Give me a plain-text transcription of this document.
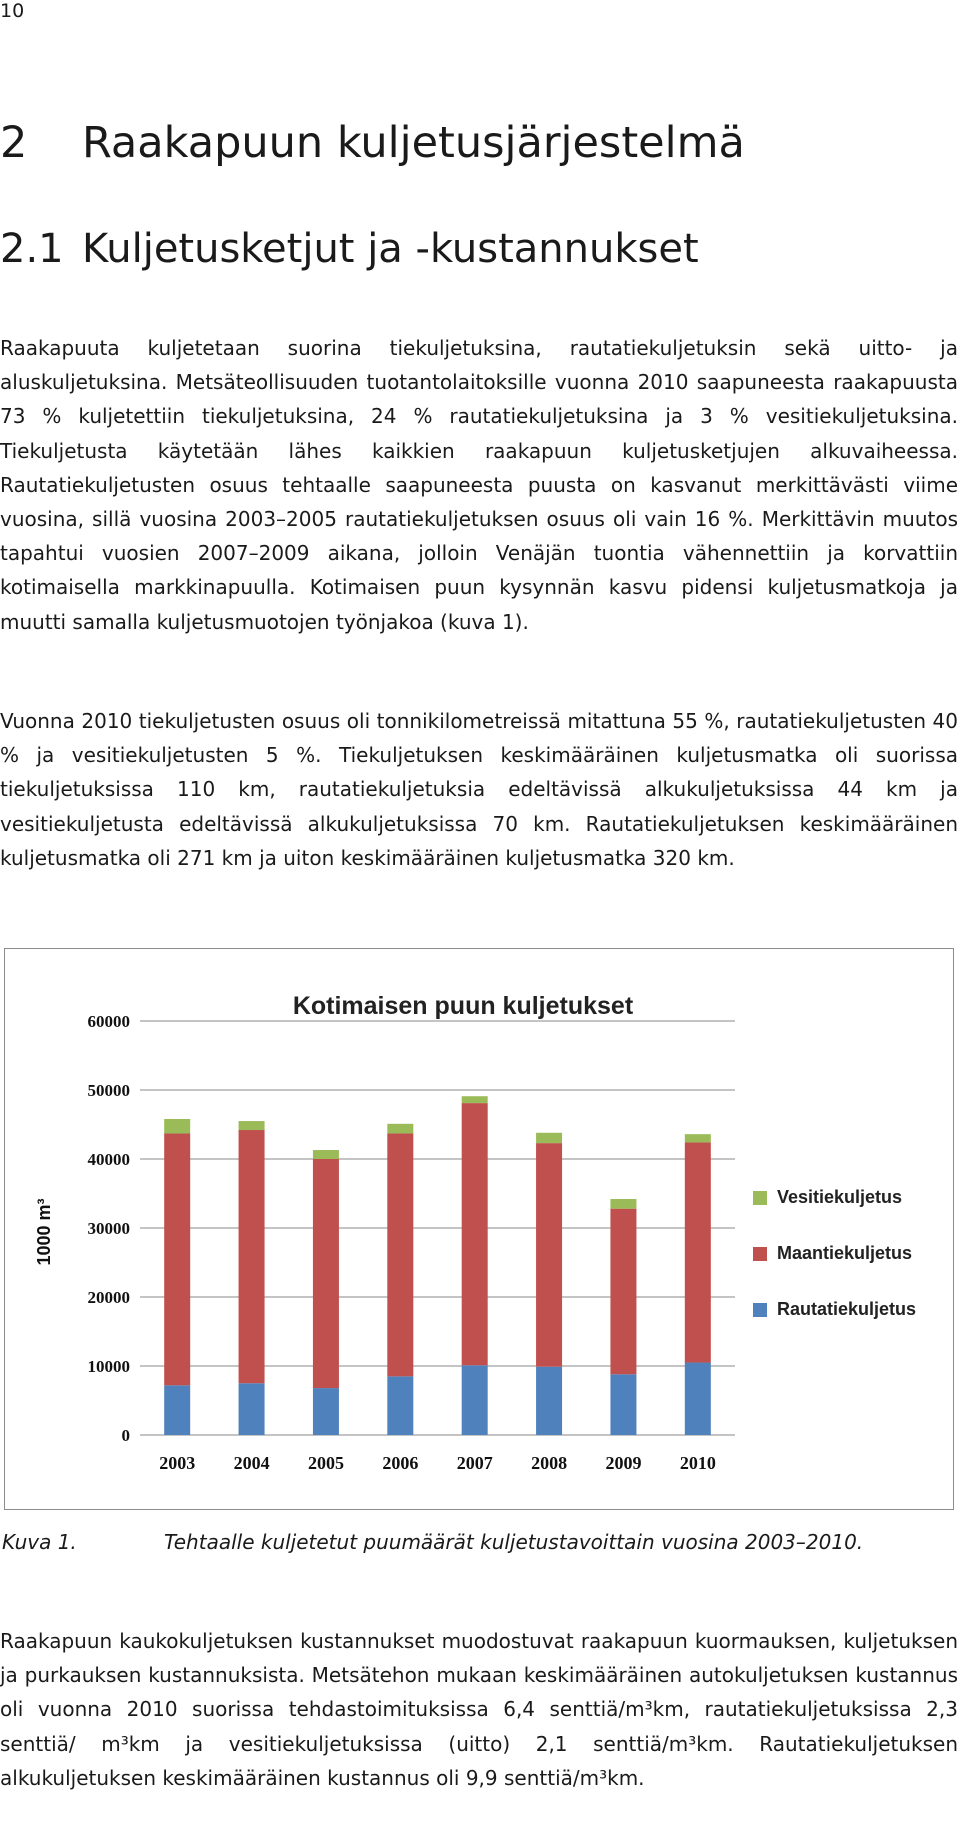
10
2 Raakapuun kuljetusjärjestelmä
2.1 Kuljetusketjut ja -kustannukset

Raakapuuta kuljetetaan suorina tiekuljetuksina, rautatiekuljetuksin sekä uitto- ja aluskuljetuksina. Metsäteollisuuden tuotantolaitoksille vuonna 2010 saapuneesta raakapuusta 73 % kuljetettiin tiekuljetuksina, 24 % rautatiekuljetuksina ja 3 % vesitiekuljetuksina. Tiekuljetusta käytetään lähes kaikkien raakapuun kuljetusketjujen alkuvaiheessa. Rautatiekuljetusten osuus tehtaalle saapuneesta puusta on kasvanut merkittävästi viime vuosina, sillä vuosina 2003–2005 rautatiekuljetuksen osuus oli vain 16 %. Merkittävin muutos tapahtui vuosien 2007–2009 aikana, jolloin Venäjän tuontia vähennettiin ja korvattiin kotimaisella markkinapuulla. Kotimaisen puun kysynnän kasvu pidensi kuljetusmatkoja ja muutti samalla kuljetusmuotojen työnjakoa (kuva 1).

Vuonna 2010 tiekuljetusten osuus oli tonnikilometreissä mitattuna 55 %, rautatiekuljetusten 40 % ja vesitiekuljetusten 5 %. Tiekuljetuksen keskimääräinen kuljetusmatka oli suorissa tiekuljetuksissa 110 km, rautatiekuljetuksia edeltävissä alkukuljetuksissa 44 km ja vesitiekuljetusta edeltävissä alkukuljetuksissa 70 km. Rautatiekuljetuksen keskimääräinen kuljetusmatka oli 271 km ja uiton keskimääräinen kuljetusmatka 320 km.

Kotimaisen puun kuljetukset
0
10000
20000
30000
40000
50000
60000
2003 2004 2005 2006 2007 2008 2009 2010
1000 m³
Vesitiekuljetus
Maantiekuljetus
Rautatiekuljetus
Kuva 1.	Tehtaalle kuljetetut puumäärät kuljetustavoittain vuosina 2003–2010.

Raakapuun kaukokuljetuksen kustannukset muodostuvat raakapuun kuormauksen, kuljetuksen ja purkauksen kustannuksista. Metsätehon mukaan keskimääräinen autokuljetuksen kustannus oli vuonna 2010 suorissa tehdastoimituksissa 6,4 senttiä/m³km, rautatiekuljetuksissa 2,3 senttiä/ m³km ja vesitiekuljetuksissa (uitto) 2,1 senttiä/m³km. Rautatiekuljetuksen alkukuljetuksen keskimääräinen kustannus oli 9,9 senttiä/m³km.
